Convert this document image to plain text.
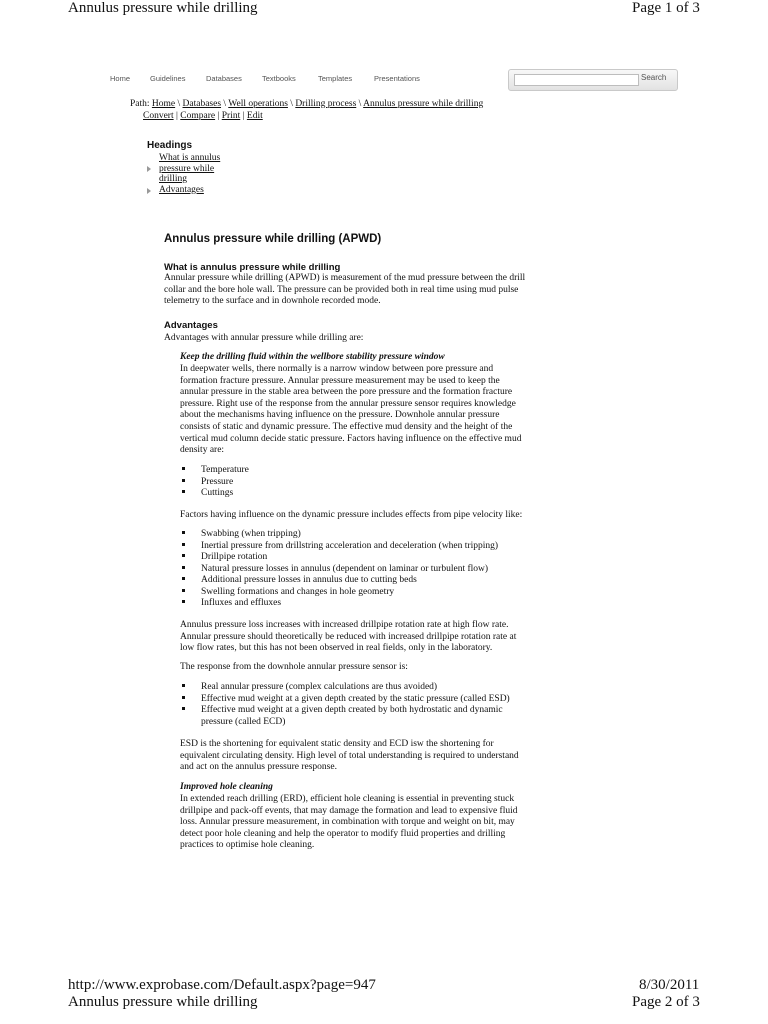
Annulus pressure while drilling	Page 1 of 3
Home	Guidelines	Databases	Textbooks	Templates	Presentations	Search
Path: Home \ Databases \ Well operations \ Drilling process \ Annulus pressure while drilling
Convert | Compare | Print | Edit
Headings
What is annulus pressure while drilling
Advantages
Annulus pressure while drilling (APWD)
What is annulus pressure while drilling
Annular pressure while drilling (APWD) is measurement of the mud pressure between the drill
collar and the bore hole wall. The pressure can be provided both in real time using mud pulse
telemetry to the surface and in downhole recorded mode.
Advantages
Advantages with annular pressure while drilling are:
Keep the drilling fluid within the wellbore stability pressure window
In deepwater wells, there normally is a narrow window between pore pressure and
formation fracture pressure. Annular pressure measurement may be used to keep the
annular pressure in the stable area between the pore pressure and the formation fracture
pressure. Right use of the response from the annular pressure sensor requires knowledge
about the mechanisms having influence on the pressure. Downhole annular pressure
consists of static and dynamic pressure. The effective mud density and the height of the
vertical mud column decide static pressure. Factors having influence on the effective mud
density are:
Temperature
Pressure
Cuttings
Factors having influence on the dynamic pressure includes effects from pipe velocity like:
Swabbing (when tripping)
Inertial pressure from drillstring acceleration and deceleration (when tripping)
Drillpipe rotation
Natural pressure losses in annulus (dependent on laminar or turbulent flow)
Additional pressure losses in annulus due to cutting beds
Swelling formations and changes in hole geometry
Influxes and effluxes
Annulus pressure loss increases with increased drillpipe rotation rate at high flow rate.
Annular pressure should theoretically be reduced with increased drillpipe rotation rate at
low flow rates, but this has not been observed in real fields, only in the laboratory.
The response from the downhole annular pressure sensor is:
Real annular pressure (complex calculations are thus avoided)
Effective mud weight at a given depth created by the static pressure (called ESD)
Effective mud weight at a given depth created by both hydrostatic and dynamic
pressure (called ECD)
ESD is the shortening for equivalent static density and ECD isw the shortening for
equivalent circulating density. High level of total understanding is required to understand
and act on the annulus pressure response.
Improved hole cleaning
In extended reach drilling (ERD), efficient hole cleaning is essential in preventing stuck
drillpipe and pack-off events, that may damage the formation and lead to expensive fluid
loss. Annular pressure measurement, in combination with torque and weight on bit, may
detect poor hole cleaning and help the operator to modify fluid properties and drilling
practices to optimise hole cleaning.
http://www.exprobase.com/Default.aspx?page=947	8/30/2011
Annulus pressure while drilling	Page 2 of 3
